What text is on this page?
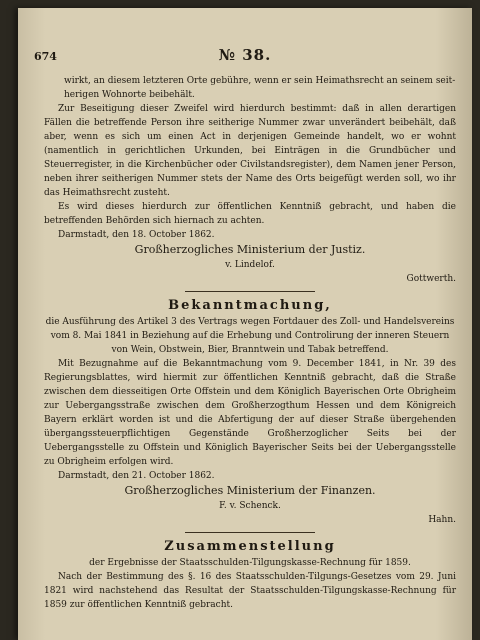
674	№ 38.

wirkt, an diesem letzteren Orte gebühre, wenn er sein Heimathsrecht an seinem seit-

herigen Wohnorte beibehält.

Zur Beseitigung dieser Zweifel wird hierdurch bestimmt: daß in allen derartigen Fällen die betreffende Person ihre seitherige Nummer zwar unverändert beibehält, daß aber, wenn es sich um einen Act in derjenigen Gemeinde handelt, wo er wohnt (namentlich in gerichtlichen Urkunden, bei Einträgen in die Grundbücher und Steuerregister, in die Kirchenbücher oder Civilstandsregister), dem Namen jener Person, neben ihrer seitherigen Nummer stets der Name des Orts beigefügt werden soll, wo ihr das Heimathsrecht zusteht.

Es wird dieses hierdurch zur öffentlichen Kenntniß gebracht, und haben die betreffenden Behörden sich hiernach zu achten.

Darmstadt, den 18. October 1862.

Großherzogliches Ministerium der Justiz.

v. Lindelof.

Gottwerth.

Bekanntmachung,

die Ausführung des Artikel 3 des Vertrags wegen Fortdauer des Zoll- und Handelsvereins vom 8. Mai 1841 in Beziehung auf die Erhebung und Controlirung der inneren Steuern von Wein, Obstwein, Bier, Branntwein und Tabak betreffend.

Mit Bezugnahme auf die Bekanntmachung vom 9. December 1841, in Nr. 39 des Regierungsblattes, wird hiermit zur öffentlichen Kenntniß gebracht, daß die Straße zwischen dem diesseitigen Orte Offstein und dem Königlich Bayerischen Orte Obrigheim zur Uebergangsstraße zwischen dem Großherzogthum Hessen und dem Königreich Bayern erklärt worden ist und die Abfertigung der auf dieser Straße übergehenden übergangssteuerpflichtigen Gegenstände Großherzoglicher Seits bei der Uebergangsstelle zu Offstein und Königlich Bayerischer Seits bei der Uebergangsstelle zu Obrigheim erfolgen wird.

Darmstadt, den 21. October 1862.

Großherzogliches Ministerium der Finanzen.

F. v. Schenck.

Hahn.

Zusammenstellung

der Ergebnisse der Staatsschulden-Tilgungskasse-Rechnung für 1859.

Nach der Bestimmung des §. 16 des Staatsschulden-Tilgungs-Gesetzes vom 29. Juni 1821 wird nachstehend das Resultat der Staatsschulden-Tilgungskasse-Rechnung für 1859 zur öffentlichen Kenntniß gebracht.
